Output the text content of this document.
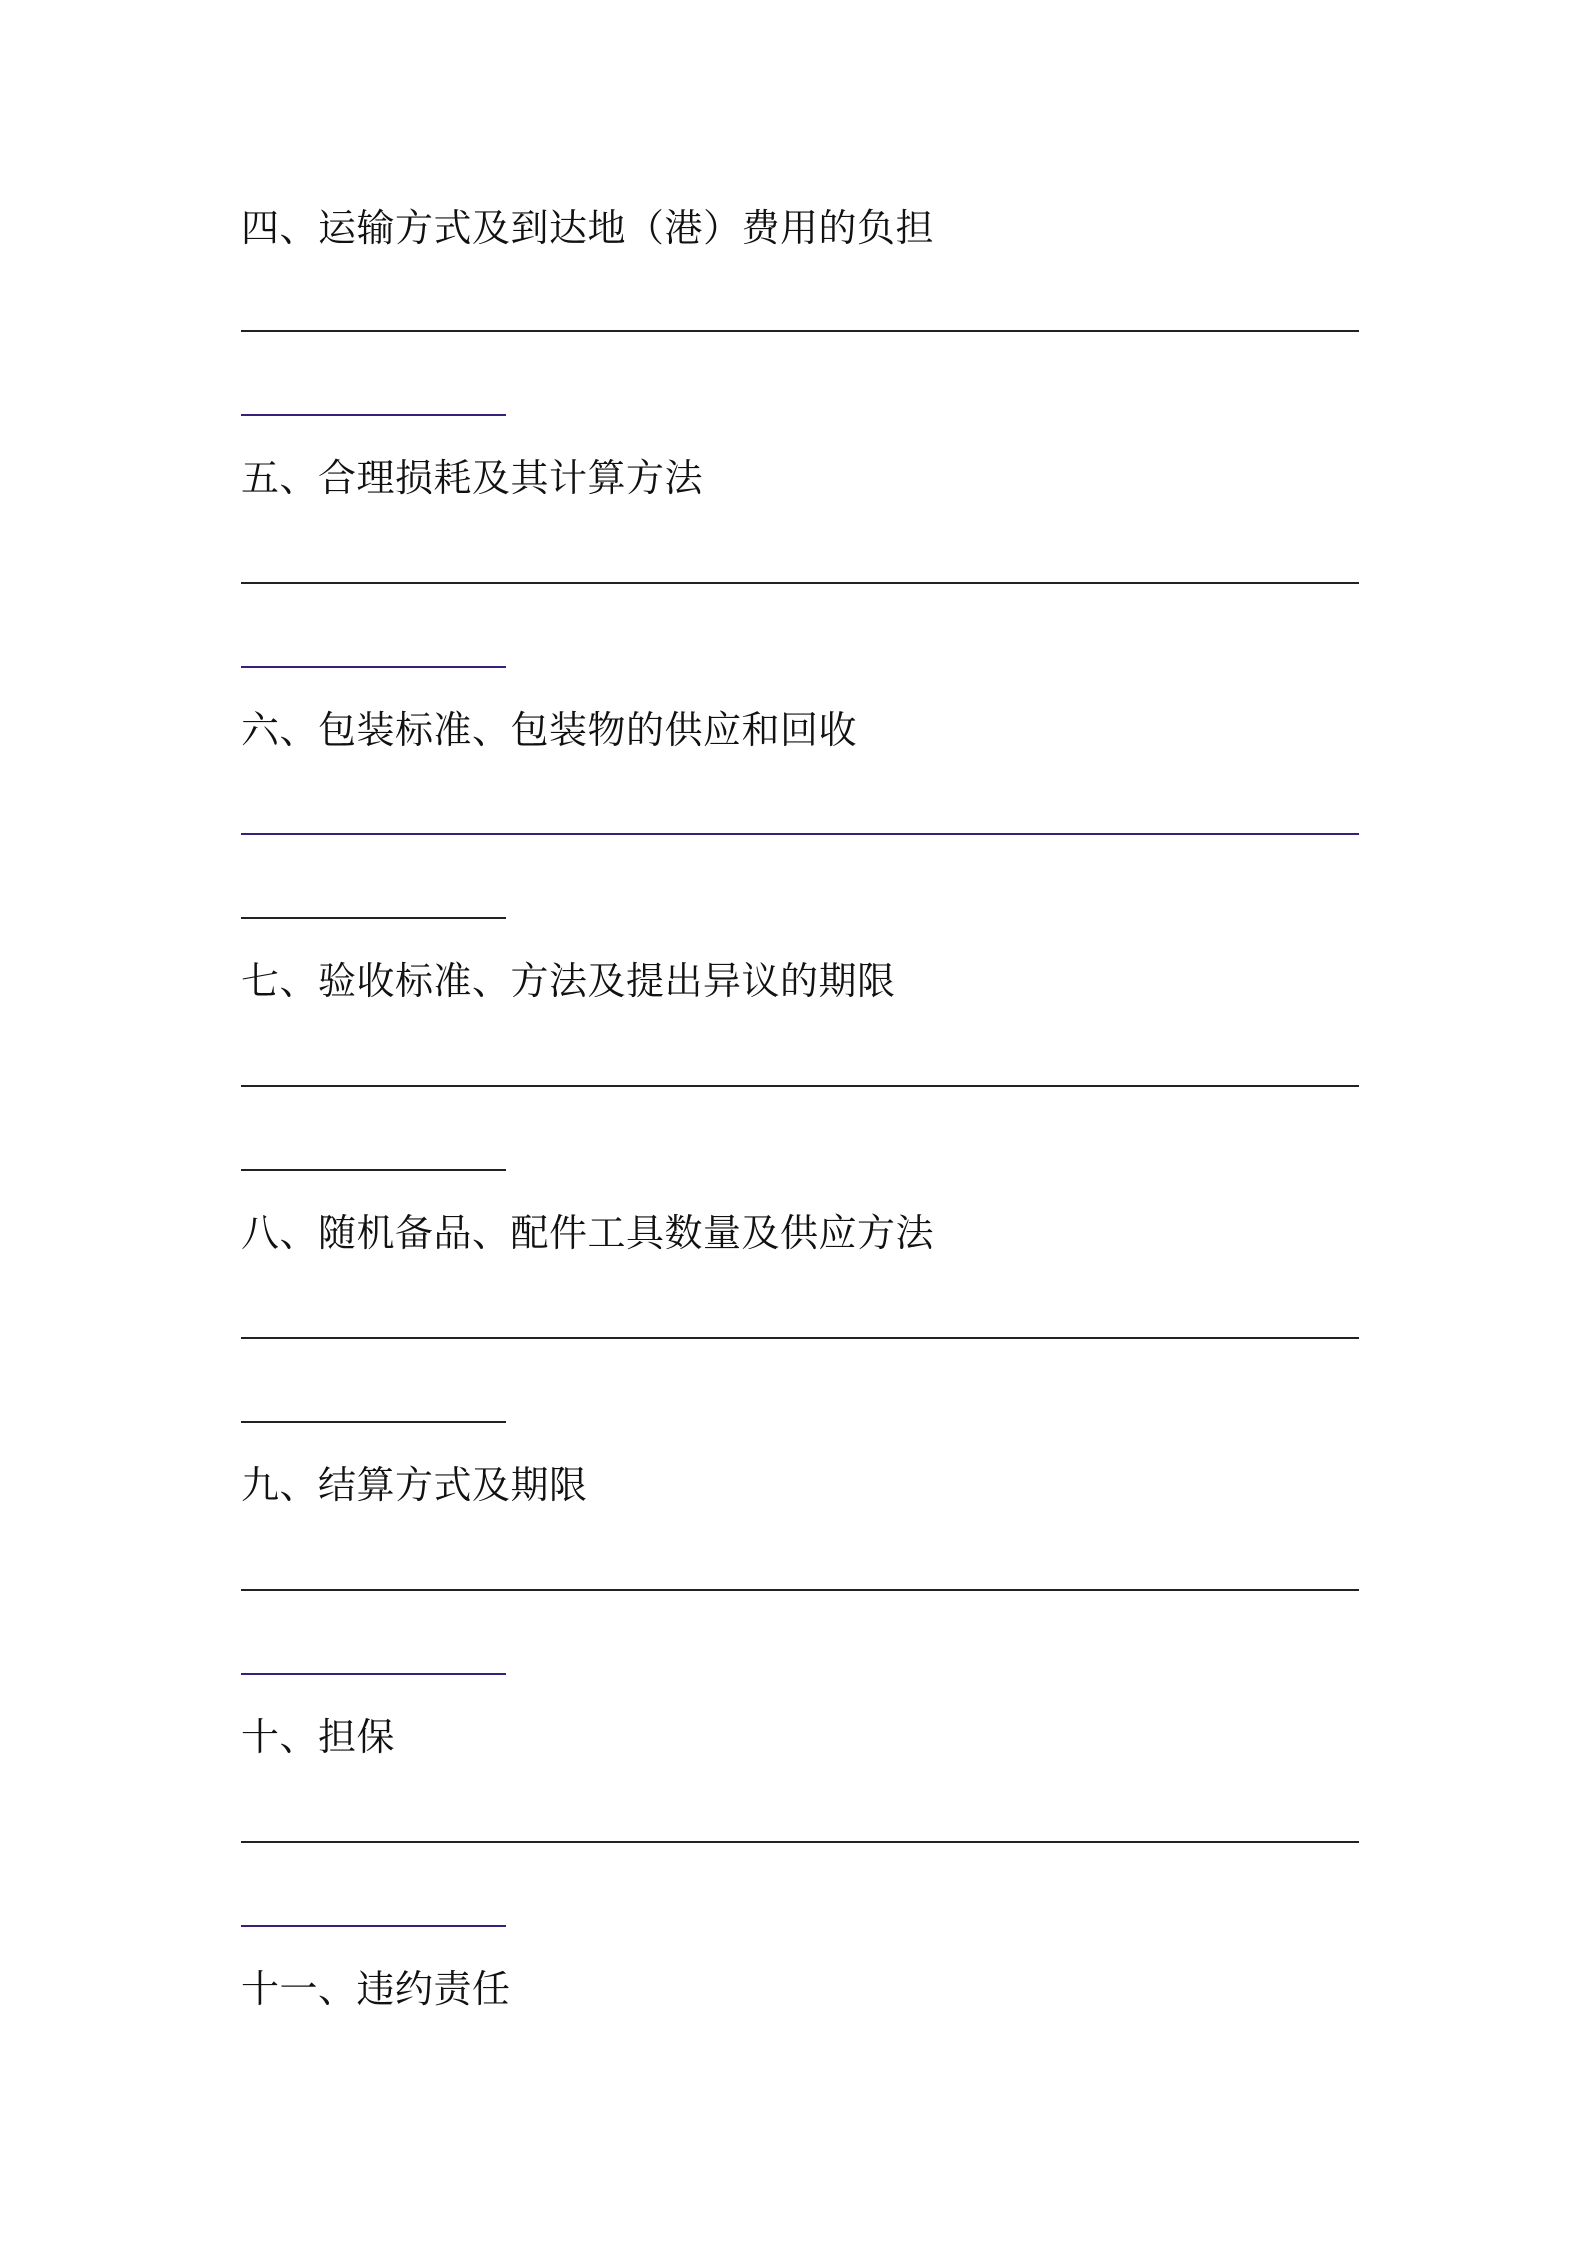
四、运输方式及到达地（港）费用的负担
五、合理损耗及其计算方法
六、包装标准、包装物的供应和回收
七、验收标准、方法及提出异议的期限
八、随机备品、配件工具数量及供应方法
九、结算方式及期限
十、担保
十一、违约责任
